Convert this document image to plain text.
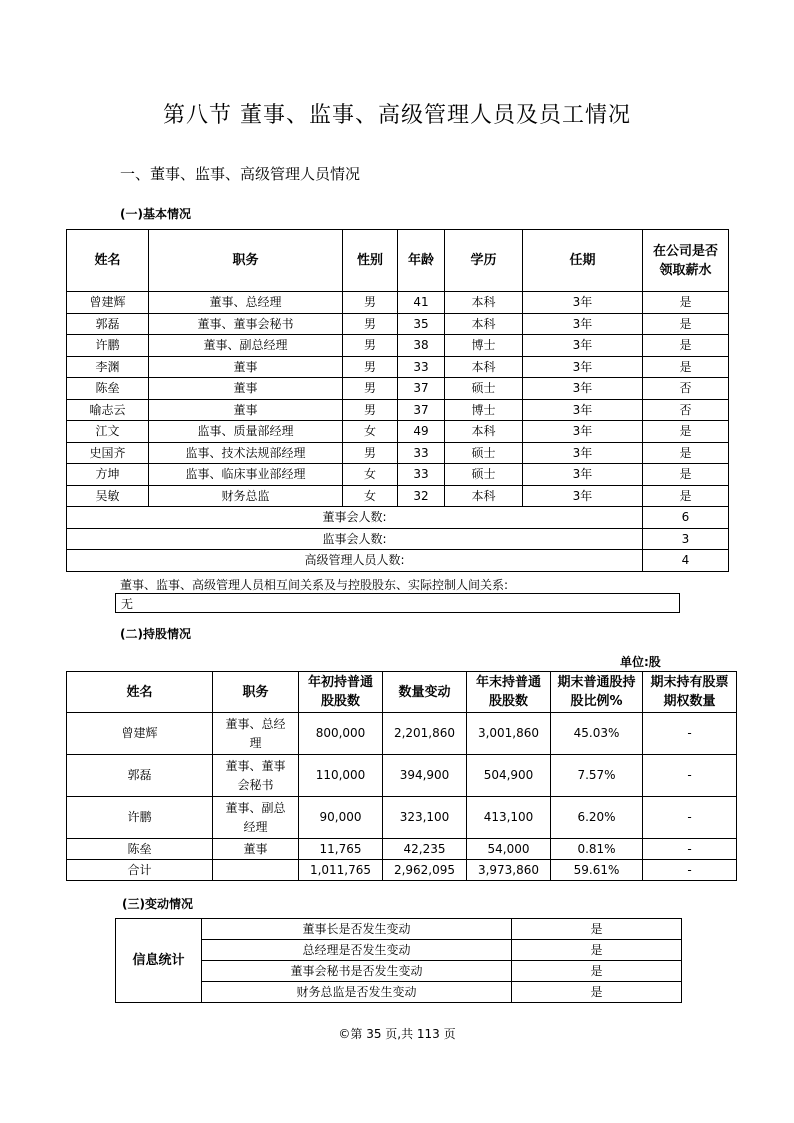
第八节 董事、监事、高级管理人员及员工情况
一、董事、监事、高级管理人员情况
(一)基本情况
姓名	职务	性别	年龄	学历	任期	在公司是否领取薪水
曾建辉	董事、总经理	男	41	本科	3年	是
郭磊	董事、董事会秘书	男	35	本科	3年	是
许鹏	董事、副总经理	男	38	博士	3年	是
李渊	董事	男	33	本科	3年	是
陈垒	董事	男	37	硕士	3年	否
喻志云	董事	男	37	博士	3年	否
江文	监事、质量部经理	女	49	本科	3年	是
史国齐	监事、技术法规部经理	男	33	硕士	3年	是
方坤	监事、临床事业部经理	女	33	硕士	3年	是
吴敏	财务总监	女	32	本科	3年	是
董事会人数:						6
监事会人数:						3
高级管理人员人数:						4
董事、监事、高级管理人员相互间关系及与控股股东、实际控制人间关系:
无
(二)持股情况
单位:股
姓名	职务	年初持普通股股数	数量变动	年末持普通股股数	期末普通股持股比例%	期末持有股票期权数量
曾建辉	董事、总经理	800,000	2,201,860	3,001,860	45.03%	-
郭磊	董事、董事会秘书	110,000	394,900	504,900	7.57%	-
许鹏	董事、副总经理	90,000	323,100	413,100	6.20%	-
陈垒	董事	11,765	42,235	54,000	0.81%	-
合计		1,011,765	2,962,095	3,973,860	59.61%	-
(三)变动情况
信息统计	董事长是否发生变动	是
	总经理是否发生变动	是
	董事会秘书是否发生变动	是
	财务总监是否发生变动	是
©第 35 页,共 113 页
